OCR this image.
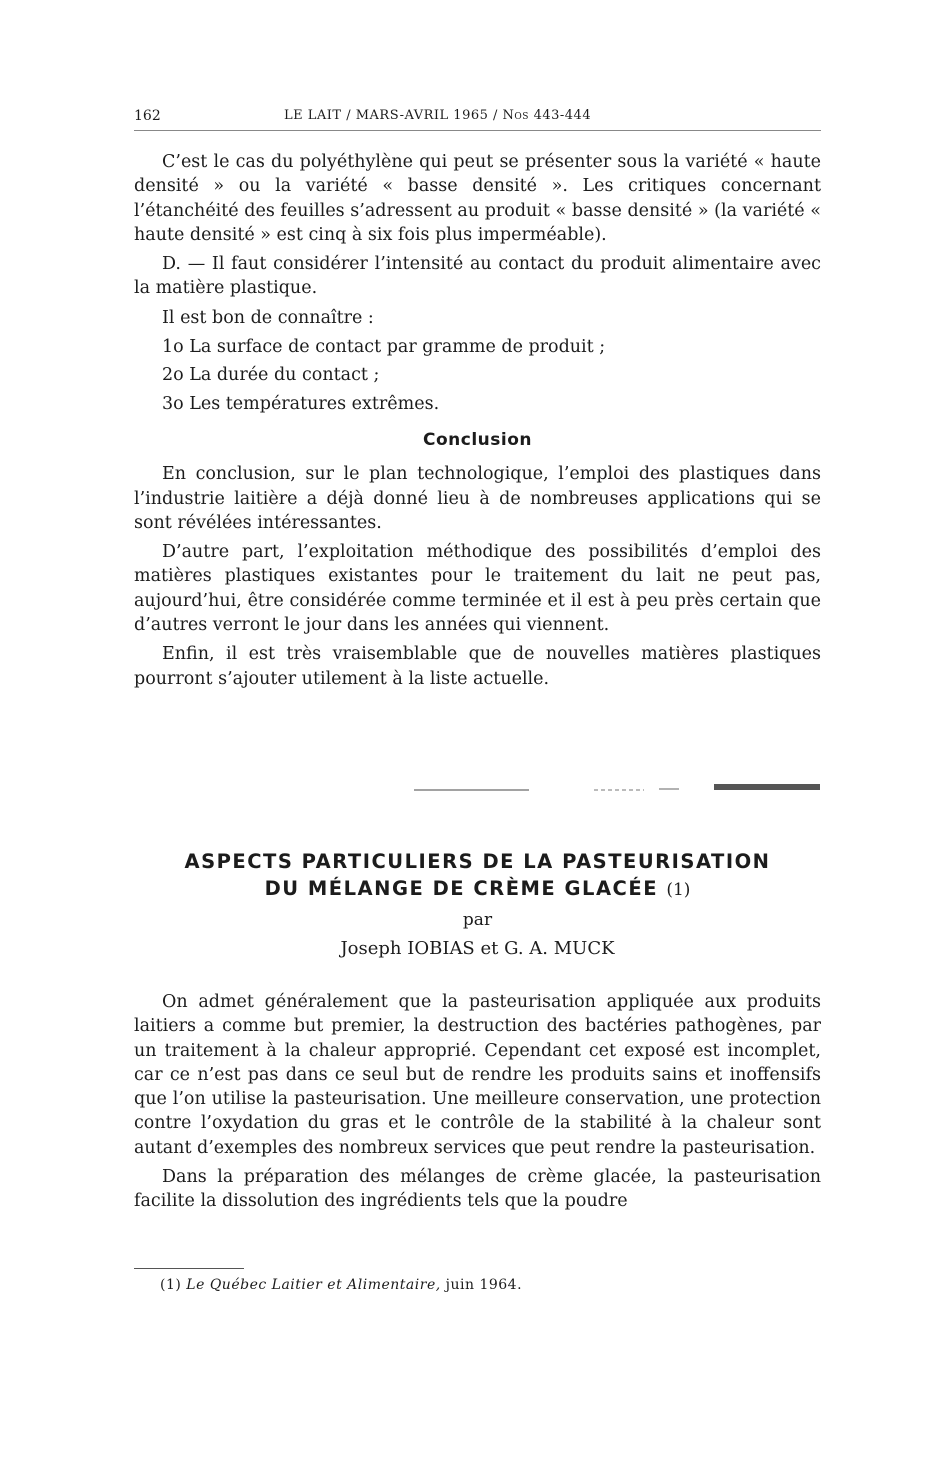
162	LE LAIT / MARS-AVRIL 1965 / Nos 443-444

C’est le cas du polyéthylène qui peut se présenter sous la variété « haute densité » ou la variété « basse densité ». Les critiques concernant l’étanchéité des feuilles s’adressent au produit « basse densité » (la variété « haute densité » est cinq à six fois plus imperméable).

D. — Il faut considérer l’intensité au contact du produit alimentaire avec la matière plastique.

Il est bon de connaître :

1o La surface de contact par gramme de produit ;

2o La durée du contact ;

3o Les températures extrêmes.

Conclusion

En conclusion, sur le plan technologique, l’emploi des plastiques dans l’industrie laitière a déjà donné lieu à de nombreuses applications qui se sont révélées intéressantes.

D’autre part, l’exploitation méthodique des possibilités d’emploi des matières plastiques existantes pour le traitement du lait ne peut pas, aujourd’hui, être considérée comme terminée et il est à peu près certain que d’autres verront le jour dans les années qui viennent.

Enfin, il est très vraisemblable que de nouvelles matières plastiques pourront s’ajouter utilement à la liste actuelle.

ASPECTS PARTICULIERS DE LA PASTEURISATION
DU MÉLANGE DE CRÈME GLACÉE (1)
par
Joseph IOBIAS et G. A. MUCK

On admet généralement que la pasteurisation appliquée aux produits laitiers a comme but premier, la destruction des bactéries pathogènes, par un traitement à la chaleur approprié. Cependant cet exposé est incomplet, car ce n’est pas dans ce seul but de rendre les produits sains et inoffensifs que l’on utilise la pasteurisation. Une meilleure conservation, une protection contre l’oxydation du gras et le contrôle de la stabilité à la chaleur sont autant d’exemples des nombreux services que peut rendre la pasteurisation.

Dans la préparation des mélanges de crème glacée, la pasteurisation facilite la dissolution des ingrédients tels que la poudre

(1) Le Québec Laitier et Alimentaire, juin 1964.
